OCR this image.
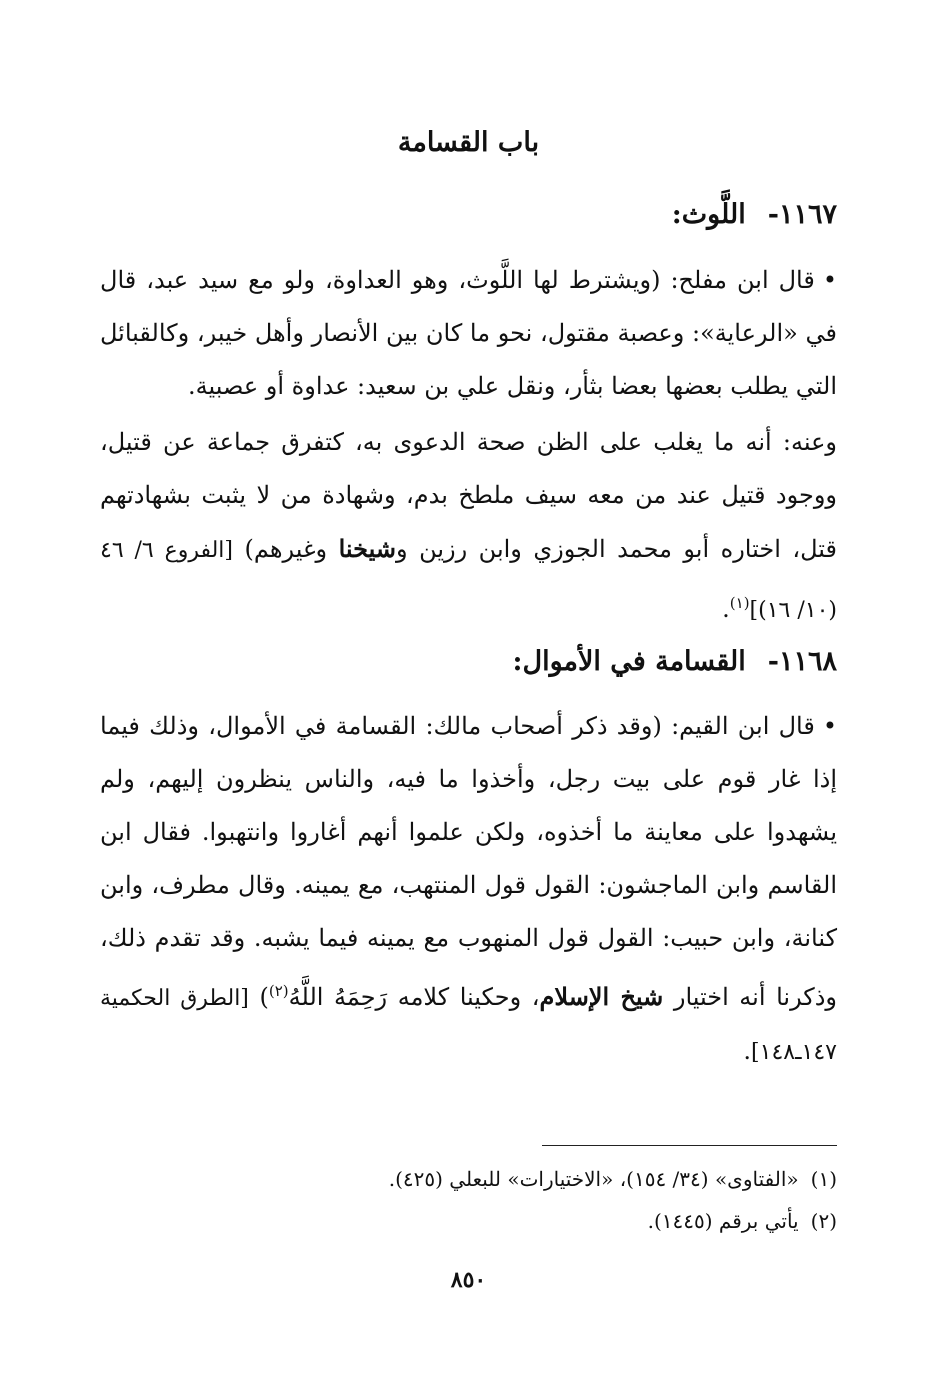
باب القسامة
١١٦٧-اللَّوث:

•قال ابن مفلح: (ويشترط لها اللَّوث، وهو العداوة، ولو مع سيد عبد، قال في «الرعاية»: وعصبة مقتول، نحو ما كان بين الأنصار وأهل خيبر، وكالقبائل التي يطلب بعضها بعضا بثأر، ونقل علي بن سعيد: عداوة أو عصبية.

وعنه: أنه ما يغلب على الظن صحة الدعوى به، كتفرق جماعة عن قتيل، ووجود قتيل عند من معه سيف ملطخ بدم، وشهادة من لا يثبت بشهادتهم قتل، اختاره أبو محمد الجوزي وابن رزين وشيخنا وغيرهم) [الفروع ٦/ ٤٦ (١٠/ ١٦)]$^{(١)}$.

١١٦٨-القسامة في الأموال:

•قال ابن القيم: (وقد ذكر أصحاب مالك: القسامة في الأموال، وذلك فيما إذا غار قوم على بيت رجل، وأخذوا ما فيه، والناس ينظرون إليهم، ولم يشهدوا على معاينة ما أخذوه، ولكن علموا أنهم أغاروا وانتهبوا. فقال ابن القاسم وابن الماجشون: القول قول المنتهب، مع يمينه. وقال مطرف، وابن كنانة، وابن حبيب: القول قول المنهوب مع يمينه فيما يشبه. وقد تقدم ذلك، وذكرنا أنه اختيار شيخ الإسلام، وحكينا كلامه رَحِمَهُ اللَّهُ$^{(٢)}$) [الطرق الحكمية ١٤٧ـ١٤٨].

(١)«الفتاوى» (٣٤/ ١٥٤)، «الاختيارات» للبعلي (٤٢٥).

(٢)يأتي برقم (١٤٤٥).

٨٥٠
